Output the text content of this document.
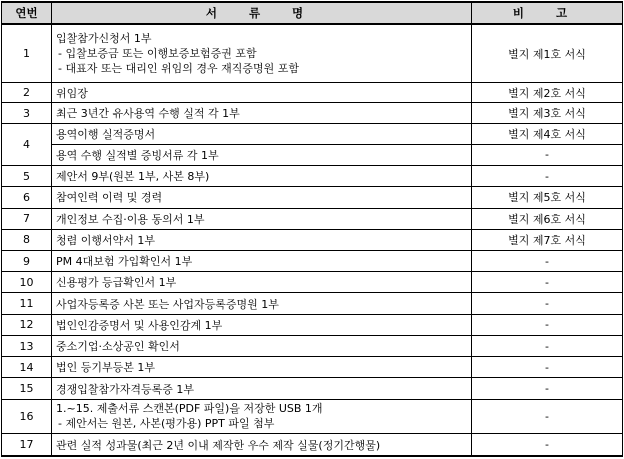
연번	서 류 명	비 고
1	입찰참가신청서 1부
- 입찰보증금 또는 이행보증보험증권 포함
- 대표자 또는 대리인 위임의 경우 재직증명원 포함	별지 제1호 서식
2	위임장	별지 제2호 서식
3	최근 3년간 유사용역 수행 실적 각 1부	별지 제3호 서식
4	용역이행 실적증명서	별지 제4호 서식
	용역 수행 실적별 증빙서류 각 1부	-
5	제안서 9부(원본 1부, 사본 8부)	-
6	참여인력 이력 및 경력	별지 제5호 서식
7	개인정보 수집·이용 동의서 1부	별지 제6호 서식
8	청렴 이행서약서 1부	별지 제7호 서식
9	PM 4대보험 가입확인서 1부	-
10	신용평가 등급확인서 1부	-
11	사업자등록증 사본 또는 사업자등록증명원 1부	-
12	법인인감증명서 및 사용인감계 1부	-
13	중소기업·소상공인 확인서	-
14	법인 등기부등본 1부	-
15	경쟁입찰참가자격등록증 1부	-
16	1.~15. 제출서류 스캔본(PDF 파일)을 저장한 USB 1개
- 제안서는 원본, 사본(평가용) PPT 파일 첨부	-
17	관련 실적 성과물(최근 2년 이내 제작한 우수 제작 실물(정기간행물)	-
